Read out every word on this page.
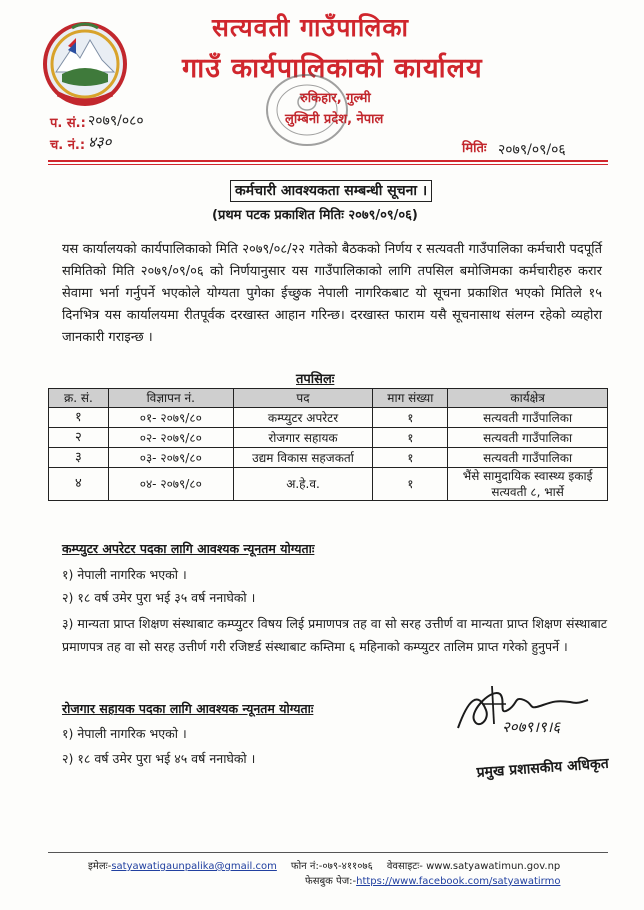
सत्यवती गाउँपालिका
गाउँ कार्यपालिकाको कार्यालय
रुकिहार, गुल्मी
लुम्बिनी प्रदेश, नेपाल
प. सं.: २०७९/०८०
च. नं.: ४३०	मितिः २०७९/०९/०६
कर्मचारी आवश्यकता सम्बन्धी सूचना ।
(प्रथम पटक प्रकाशित मितिः २०७९/०९/०६)
यस कार्यालयको कार्यपालिकाको मिति २०७९/०८/२२ गतेको बैठकको निर्णय र सत्यवती गाउँपालिका कर्मचारी पदपूर्ति समितिको मिति २०७९/०९/०६ को निर्णयानुसार यस गाउँपालिकाको लागि तपसिल बमोजिमका कर्मचारीहरु करार सेवामा भर्ना गर्नुपर्ने भएकोले योग्यता पुगेका ईच्छुक नेपाली नागरिकबाट यो सूचना प्रकाशित भएको मितिले १५ दिनभित्र यस कार्यालयमा रीतपूर्वक दरखास्त आहान गरिन्छ। दरखास्त फाराम यसै सूचनासाथ संलग्न रहेको व्यहोरा जानकारी गराइन्छ ।
तपसिलः
क्र. सं.	विज्ञापन नं.	पद	माग संख्या	कार्यक्षेत्र
१	०१- २०७९/८०	कम्प्युटर अपरेटर	१	सत्यवती गाउँपालिका
२	०२- २०७९/८०	रोजगार सहायक	१	सत्यवती गाउँपालिका
३	०३- २०७९/८०	उद्यम विकास सहजकर्ता	१	सत्यवती गाउँपालिका
४	०४- २०७९/८०	अ.हे.व.	१	भैंसे सामुदायिक स्वास्थ्य इकाई
सत्यवती ८, भार्से
कम्प्युटर अपरेटर पदका लागि आवश्यक न्यूनतम योग्यताः
१) नेपाली नागरिक भएको ।
२) १८ वर्ष उमेर पुरा भई ३५ वर्ष ननाघेको ।
३) मान्यता प्राप्त शिक्षण संस्थाबाट कम्प्युटर विषय लिई प्रमाणपत्र तह वा सो सरह उत्तीर्ण वा मान्यता प्राप्त शिक्षण संस्थाबाट प्रमाणपत्र तह वा सो सरह उत्तीर्ण गरी रजिष्टर्ड संस्थाबाट कम्तिमा ६ महिनाको कम्प्युटर तालिम प्राप्त गरेको हुनुपर्ने ।
रोजगार सहायक पदका लागि आवश्यक न्यूनतम योग्यताः
१) नेपाली नागरिक भएको ।
२) १८ वर्ष उमेर पुरा भई ४५ वर्ष ननाघेको ।
२०७९।९।६
प्रमुख प्रशासकीय अधिकृत
इमेलः-satyawatigaunpalika@gmail.com फोन नं:-०७९-४११०७६ वेवसाइटः- www.satyawatimun.gov.np
फेसबुक पेज:-https://www.facebook.com/satyawatirmo
